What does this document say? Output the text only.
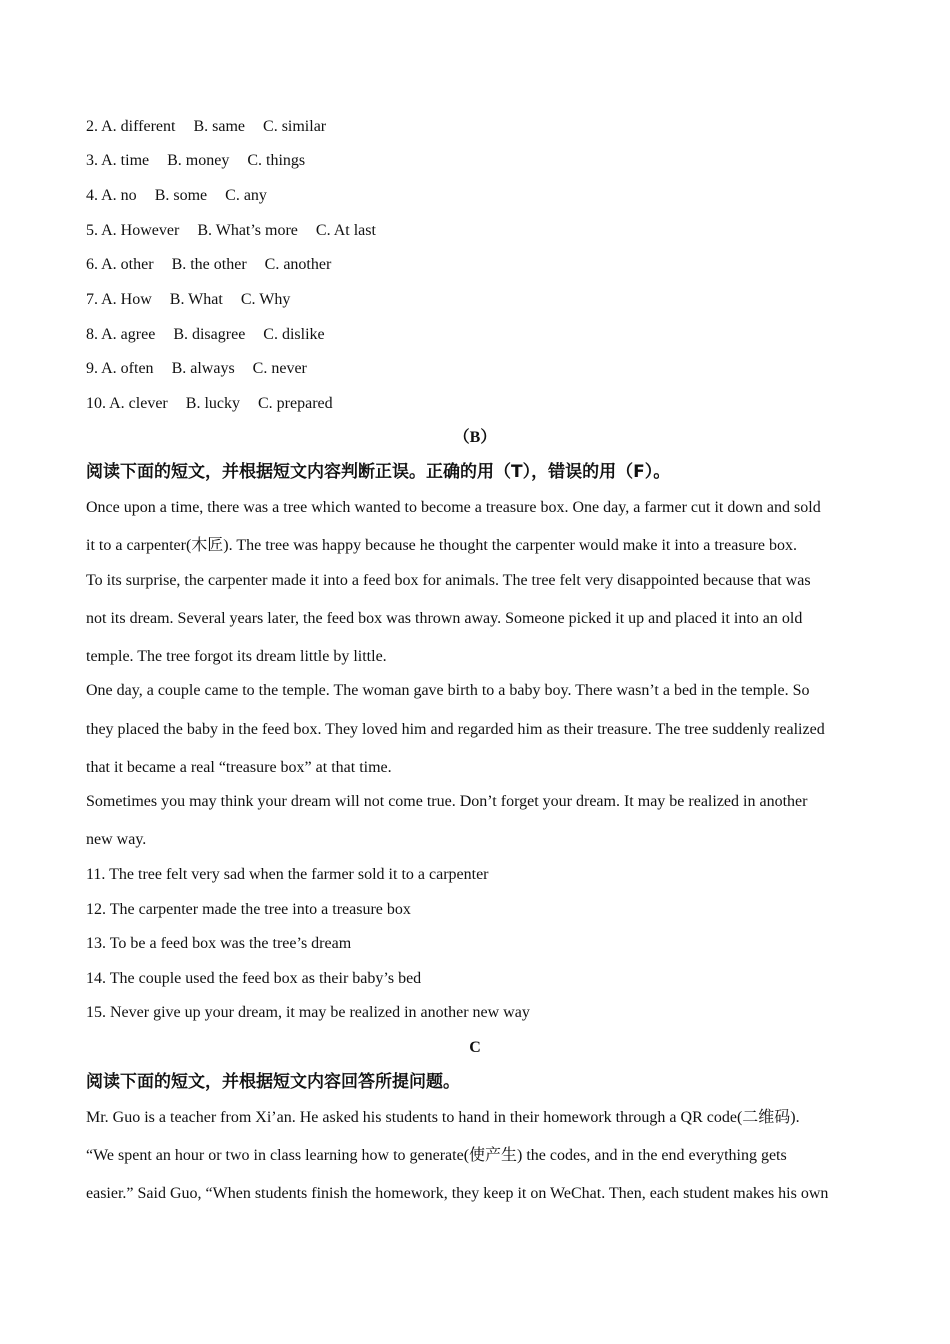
2. A. different B. same C. similar
3. A. time B. money C. things
4. A. no B. some C. any
5. A. However B. What’s more C. At last
6. A. other B. the other C. another
7. A. How B. What C. Why
8. A. agree B. disagree C. dislike
9. A. often B. always C. never
10. A. clever B. lucky C. prepared
（B）
阅读下面的短文，并根据短文内容判断正误。正确的用（T），错误的用（F）。
Once upon a time, there was a tree which wanted to become a treasure box. One day, a farmer cut it down and sold
it to a carpenter(木匠). The tree was happy because he thought the carpenter would make it into a treasure box.
To its surprise, the carpenter made it into a feed box for animals. The tree felt very disappointed because that was
not its dream. Several years later, the feed box was thrown away. Someone picked it up and placed it into an old
temple. The tree forgot its dream little by little.
One day, a couple came to the temple. The woman gave birth to a baby boy. There wasn’t a bed in the temple. So
they placed the baby in the feed box. They loved him and regarded him as their treasure. The tree suddenly realized
that it became a real “treasure box” at that time.
Sometimes you may think your dream will not come true. Don’t forget your dream. It may be realized in another
new way.
11. The tree felt very sad when the farmer sold it to a carpenter
12. The carpenter made the tree into a treasure box
13. To be a feed box was the tree’s dream
14. The couple used the feed box as their baby’s bed
15. Never give up your dream, it may be realized in another new way
C
阅读下面的短文，并根据短文内容回答所提问题。
Mr. Guo is a teacher from Xi’an. He asked his students to hand in their homework through a QR code(二维码).
“We spent an hour or two in class learning how to generate(使产生) the codes, and in the end everything gets
easier.” Said Guo, “When students finish the homework, they keep it on WeChat. Then, each student makes his own
